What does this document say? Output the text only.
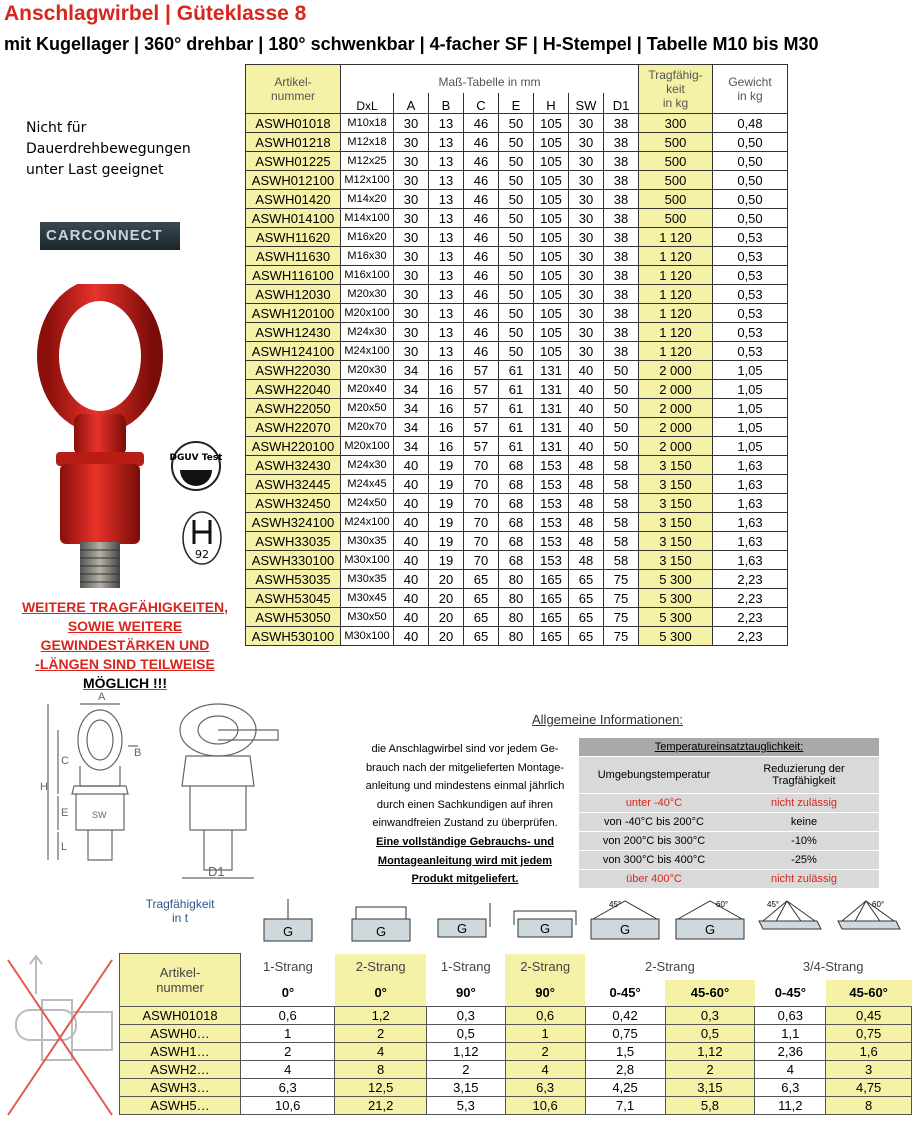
Anschlagwirbel | Güteklasse 8
mit Kugellager | 360° drehbar | 180° schwenkbar | 4-facher SF | H-Stempel | Tabelle M10 bis M30
Nicht für
Dauerdrehbewegungen
unter Last geeignet
CARCONNECT
DGUV Test
92
WEITERE TRAGFÄHIGKEITEN,
SOWIE WEITERE
GEWINDESTÄRKEN UND
-LÄNGEN SIND TEILWEISE
MÖGLICH !!!
Artikel-
nummer	Maß-Tabelle in mm								Tragfähig-
keit
in kg	Gewicht
in kg
	DxL	A	B	C	E	H	SW	D1		
ASWH01018	M10x18	30	13	46	50	105	30	38	300	0,48
ASWH01218	M12x18	30	13	46	50	105	30	38	500	0,50
ASWH01225	M12x25	30	13	46	50	105	30	38	500	0,50
ASWH012100	M12x100	30	13	46	50	105	30	38	500	0,50
ASWH01420	M14x20	30	13	46	50	105	30	38	500	0,50
ASWH014100	M14x100	30	13	46	50	105	30	38	500	0,50
ASWH11620	M16x20	30	13	46	50	105	30	38	1 120	0,53
ASWH11630	M16x30	30	13	46	50	105	30	38	1 120	0,53
ASWH116100	M16x100	30	13	46	50	105	30	38	1 120	0,53
ASWH12030	M20x30	30	13	46	50	105	30	38	1 120	0,53
ASWH120100	M20x100	30	13	46	50	105	30	38	1 120	0,53
ASWH12430	M24x30	30	13	46	50	105	30	38	1 120	0,53
ASWH124100	M24x100	30	13	46	50	105	30	38	1 120	0,53
ASWH22030	M20x30	34	16	57	61	131	40	50	2 000	1,05
ASWH22040	M20x40	34	16	57	61	131	40	50	2 000	1,05
ASWH22050	M20x50	34	16	57	61	131	40	50	2 000	1,05
ASWH22070	M20x70	34	16	57	61	131	40	50	2 000	1,05
ASWH220100	M20x100	34	16	57	61	131	40	50	2 000	1,05
ASWH32430	M24x30	40	19	70	68	153	48	58	3 150	1,63
ASWH32445	M24x45	40	19	70	68	153	48	58	3 150	1,63
ASWH32450	M24x50	40	19	70	68	153	48	58	3 150	1,63
ASWH324100	M24x100	40	19	70	68	153	48	58	3 150	1,63
ASWH33035	M30x35	40	19	70	68	153	48	58	3 150	1,63
ASWH330100	M30x100	40	19	70	68	153	48	58	3 150	1,63
ASWH53035	M30x35	40	20	65	80	165	65	75	5 300	2,23
ASWH53045	M30x45	40	20	65	80	165	65	75	5 300	2,23
ASWH53050	M30x50	40	20	65	80	165	65	75	5 300	2,23
ASWH530100	M30x100	40	20	65	80	165	65	75	5 300	2,23
A
H
C
E
L
B
SW
D1
Allgemeine Informationen:
die Anschlagwirbel sind vor jedem Ge-
brauch nach der mitgelieferten Montage-
anleitung und mindestens einmal jährlich
durch einen Sachkundigen auf ihren
einwandfreien Zustand zu überprüfen.
Eine vollständige Gebrauchs- und
Montageanleitung wird mit jedem
Produkt mitgeliefert.
Temperatureinsatztauglichkeit:	
Umgebungstemperatur	Reduzierung der Tragfähigkeit
unter -40°C	nicht zulässig
von -40°C bis 200°C	keine
von 200°C bis 300°C	-10%
von 300°C bis 400°C	-25%
über 400°C	nicht zulässig
Tragfähigkeit
in t	G	G	G	G	G
45°	G
60°	45°	60°

Artikel-
nummer	1-Strang	2-Strang	1-Strang	2-Strang	2-Strang		3/4-Strang	
	0°	0°	90°	90°	0-45°	45-60°	0-45°	45-60°
ASWH01018	0,6	1,2	0,3	0,6	0,42	0,3	0,63	0,45
ASWH0…	1	2	0,5	1	0,75	0,5	1,1	0,75
ASWH1…	2	4	1,12	2	1,5	1,12	2,36	1,6
ASWH2…	4	8	2	4	2,8	2	4	3
ASWH3…	6,3	12,5	3,15	6,3	4,25	3,15	6,3	4,75
ASWH5…	10,6	21,2	5,3	10,6	7,1	5,8	11,2	8
